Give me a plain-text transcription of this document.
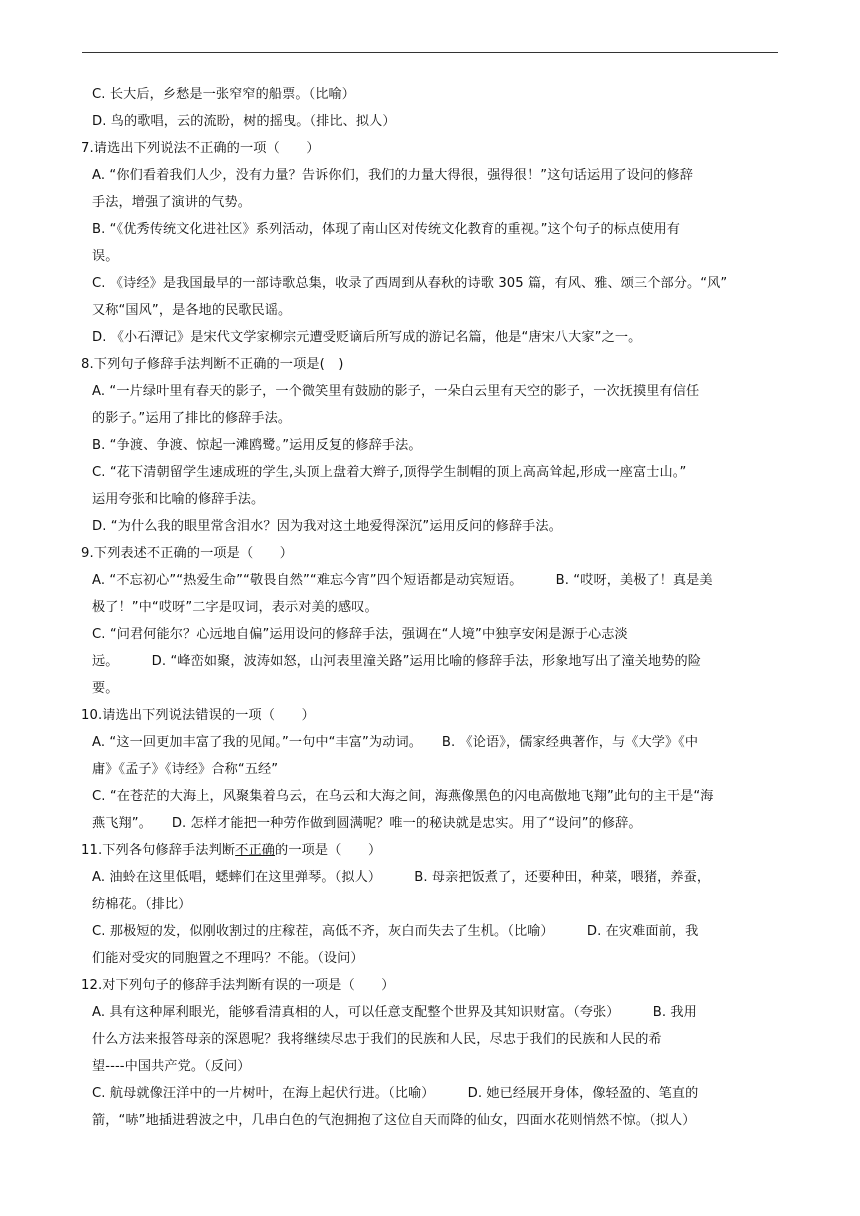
C. 长大后，乡愁是一张窄窄的船票。（比喻）
D. 鸟的歌唱，云的流盼，树的摇曳。（排比、拟人）
7.请选出下列说法不正确的一项（　　）
A. “你们看着我们人少，没有力量？告诉你们，我们的力量大得很，强得很！”这句话运用了设问的修辞
手法，增强了演讲的气势。
B. “《优秀传统文化进社区》系列活动，体现了南山区对传统文化教育的重视。”这个句子的标点使用有
误。
C. 《诗经》是我国最早的一部诗歌总集，收录了西周到从春秋的诗歌 305 篇，有风、雅、颂三个部分。“风”
又称“国风”，是各地的民歌民谣。
D. 《小石潭记》是宋代文学家柳宗元遭受贬谪后所写成的游记名篇，他是“唐宋八大家”之一。
8.下列句子修辞手法判断不正确的一项是(　)
A. “一片绿叶里有春天的影子，一个微笑里有鼓励的影子，一朵白云里有天空的影子，一次抚摸里有信任
的影子。”运用了排比的修辞手法。
B. “争渡、争渡、惊起一滩鸥鹭。”运用反复的修辞手法。
C. “花下清朝留学生速成班的学生,头顶上盘着大辫子,顶得学生制帽的顶上高高耸起,形成一座富士山。”
运用夸张和比喻的修辞手法。
D. “为什么我的眼里常含泪水？因为我对这土地爱得深沉”运用反问的修辞手法。
9.下列表述不正确的一项是（　　）
A. “不忘初心”“热爱生命”“敬畏自然”“难忘今宵”四个短语都是动宾短语。　　　B. “哎呀，美极了！真是美
极了！”中“哎呀”二字是叹词，表示对美的感叹。
C. “问君何能尔？心远地自偏”运用设问的修辞手法，强调在“人境”中独享安闲是源于心志淡
远。　　　D. “峰峦如聚，波涛如怒，山河表里潼关路”运用比喻的修辞手法，形象地写出了潼关地势的险
要。
10.请选出下列说法错误的一项（　　）
A. “这一回更加丰富了我的见闻。”一句中“丰富”为动词。　　B. 《论语》，儒家经典著作，与《大学》《中
庸》《孟子》《诗经》合称“五经”
C. “在苍茫的大海上，风聚集着乌云，在乌云和大海之间，海燕像黑色的闪电高傲地飞翔”此句的主干是“海
燕飞翔”。　　D. 怎样才能把一种劳作做到圆满呢？唯一的秘诀就是忠实。用了“设问”的修辞。
11.下列各句修辞手法判断不正确的一项是（　　）
A. 油蛉在这里低唱，蟋蟀们在这里弹琴。（拟人）　　　B. 母亲把饭煮了，还要种田，种菜，喂猪，养蚕，
纺棉花。（排比）
C. 那极短的发，似刚收割过的庄稼茬，高低不齐，灰白而失去了生机。（比喻）　　　D. 在灾难面前，我
们能对受灾的同胞置之不理吗？不能。（设问）
12.对下列句子的修辞手法判断有误的一项是（　　）
A. 具有这种犀利眼光，能够看清真相的人，可以任意支配整个世界及其知识财富。（夸张）　　　B. 我用
什么方法来报答母亲的深恩呢？我将继续尽忠于我们的民族和人民，尽忠于我们的民族和人民的希
望----中国共产党。（反问）
C. 航母就像汪洋中的一片树叶，在海上起伏行进。（比喻）　　　D. 她已经展开身体，像轻盈的、笔直的
箭，“哧”地插进碧波之中，几串白色的气泡拥抱了这位自天而降的仙女，四面水花则悄然不惊。（拟人）
